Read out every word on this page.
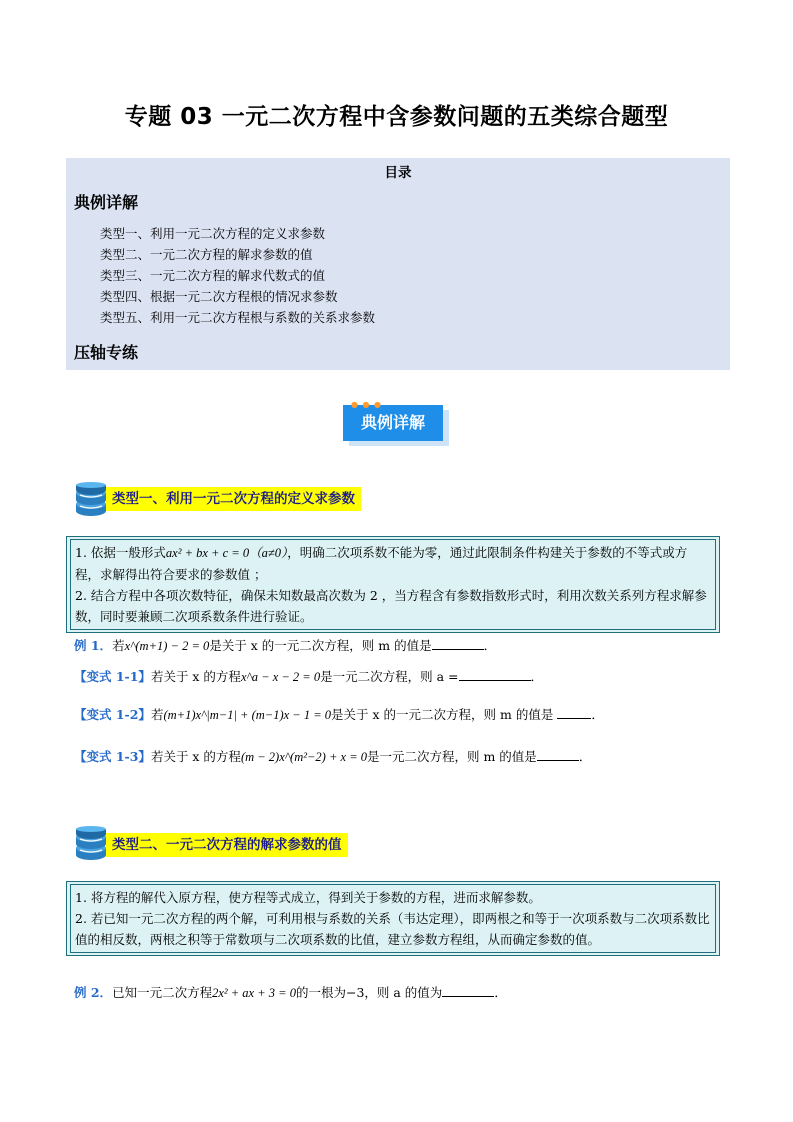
专题 03 一元二次方程中含参数问题的五类综合题型
目录
典例详解
类型一、利用一元二次方程的定义求参数
类型二、一元二次方程的解求参数的值
类型三、一元二次方程的解求代数式的值
类型四、根据一元二次方程根的情况求参数
类型五、利用一元二次方程根与系数的关系求参数
压轴专练
典例详解
● ● ●
类型一、利用一元二次方程的定义求参数
1. 依据一般形式ax² + bx + c = 0（a≠0），明确二次项系数不能为零，通过此限制条件构建关于参数的不等式或方程，求解得出符合要求的参数值 ；
2. 结合方程中各项次数特征，确保未知数最高次数为 2 ，当方程含有参数指数形式时，利用次数关系列方程求解参数，同时要兼顾二次项系数条件进行验证。
例 1．若x^(m+1) − 2 = 0是关于 x 的一元二次方程，则 m 的值是	．
【变式 1-1】若关于 x 的方程x^a − x − 2 = 0是一元二次方程，则 a =	．
【变式 1-2】若(m+1)x^|m−1| + (m−1)x − 1 = 0是关于 x 的一元二次方程，则 m 的值是	．
【变式 1-3】若关于 x 的方程(m − 2)x^(m²−2) + x = 0是一元二次方程，则 m 的值是	．
类型二、一元二次方程的解求参数的值
1. 将方程的解代入原方程，使方程等式成立，得到关于参数的方程，进而求解参数。
2. 若已知一元二次方程的两个解，可利用根与系数的关系（韦达定理），即两根之和等于一次项系数与二次项系数比值的相反数，两根之积等于常数项与二次项系数的比值，建立参数方程组，从而确定参数的值。
例 2．已知一元二次方程2x² + ax + 3 = 0的一根为−3，则 a 的值为	．
